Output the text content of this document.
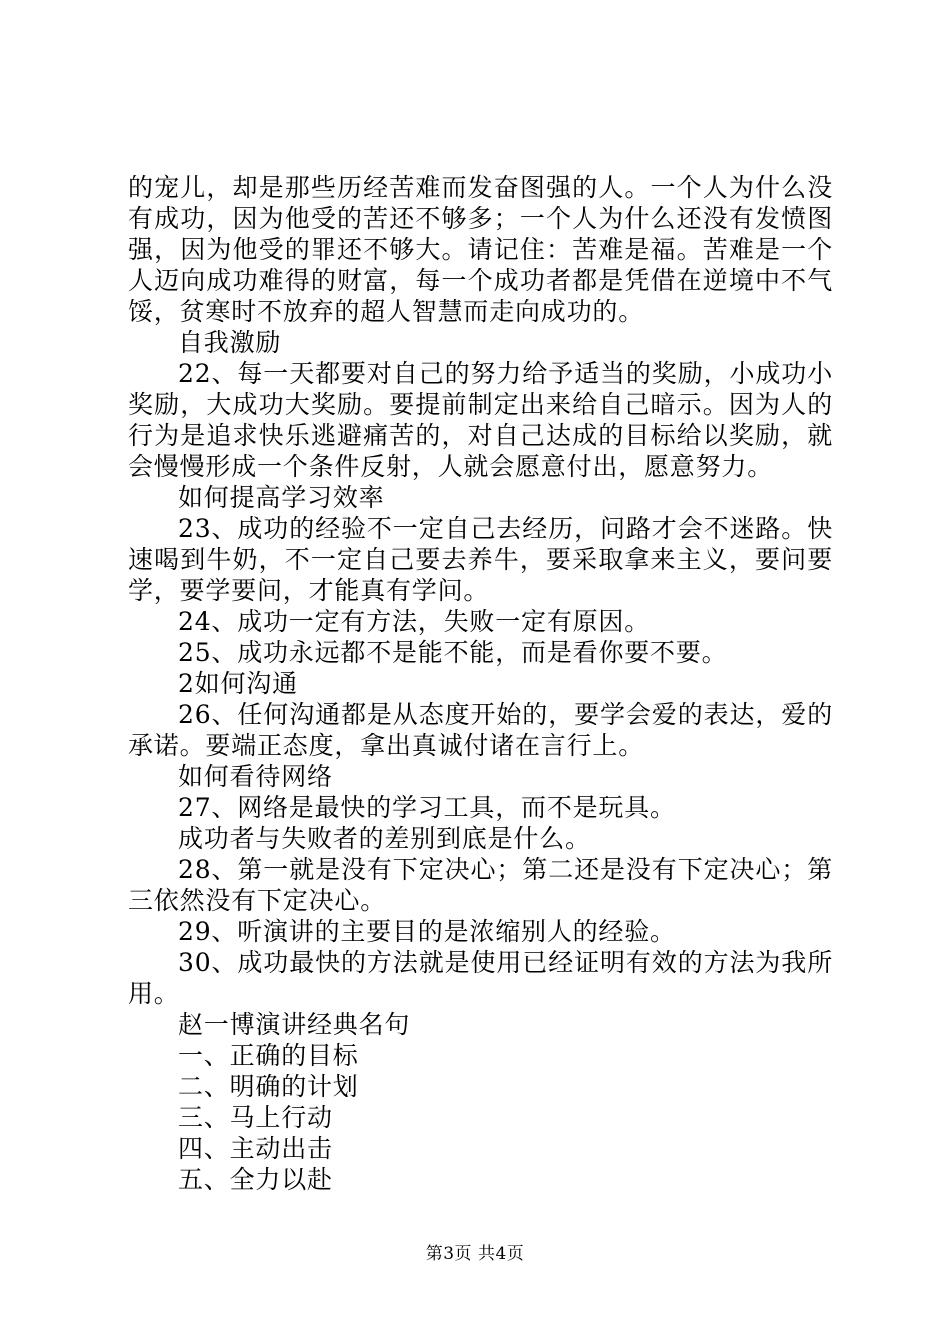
的宠儿，却是那些历经苦难而发奋图强的人。一个人为什么没有成功，因为他受的苦还不够多；一个人为什么还没有发愤图强，因为他受的罪还不够大。请记住：苦难是福。苦难是一个人迈向成功难得的财富，每一个成功者都是凭借在逆境中不气馁，贫寒时不放弃的超人智慧而走向成功的。

自我激励

22、每一天都要对自己的努力给予适当的奖励，小成功小奖励，大成功大奖励。要提前制定出来给自己暗示。因为人的行为是追求快乐逃避痛苦的，对自己达成的目标给以奖励，就会慢慢形成一个条件反射，人就会愿意付出，愿意努力。

如何提高学习效率

23、成功的经验不一定自己去经历，问路才会不迷路。快速喝到牛奶，不一定自己要去养牛，要采取拿来主义，要问要学，要学要问，才能真有学问。

24、成功一定有方法，失败一定有原因。

25、成功永远都不是能不能，而是看你要不要。

2如何沟通

26、任何沟通都是从态度开始的，要学会爱的表达，爱的承诺。要端正态度，拿出真诚付诸在言行上。

如何看待网络

27、网络是最快的学习工具，而不是玩具。

成功者与失败者的差别到底是什么。

28、第一就是没有下定决心；第二还是没有下定决心；第三依然没有下定决心。

29、听演讲的主要目的是浓缩别人的经验。

30、成功最快的方法就是使用已经证明有效的方法为我所用。

赵一博演讲经典名句

一、正确的目标

二、明确的计划

三、马上行动

四、主动出击

五、全力以赴

第3页 共4页
